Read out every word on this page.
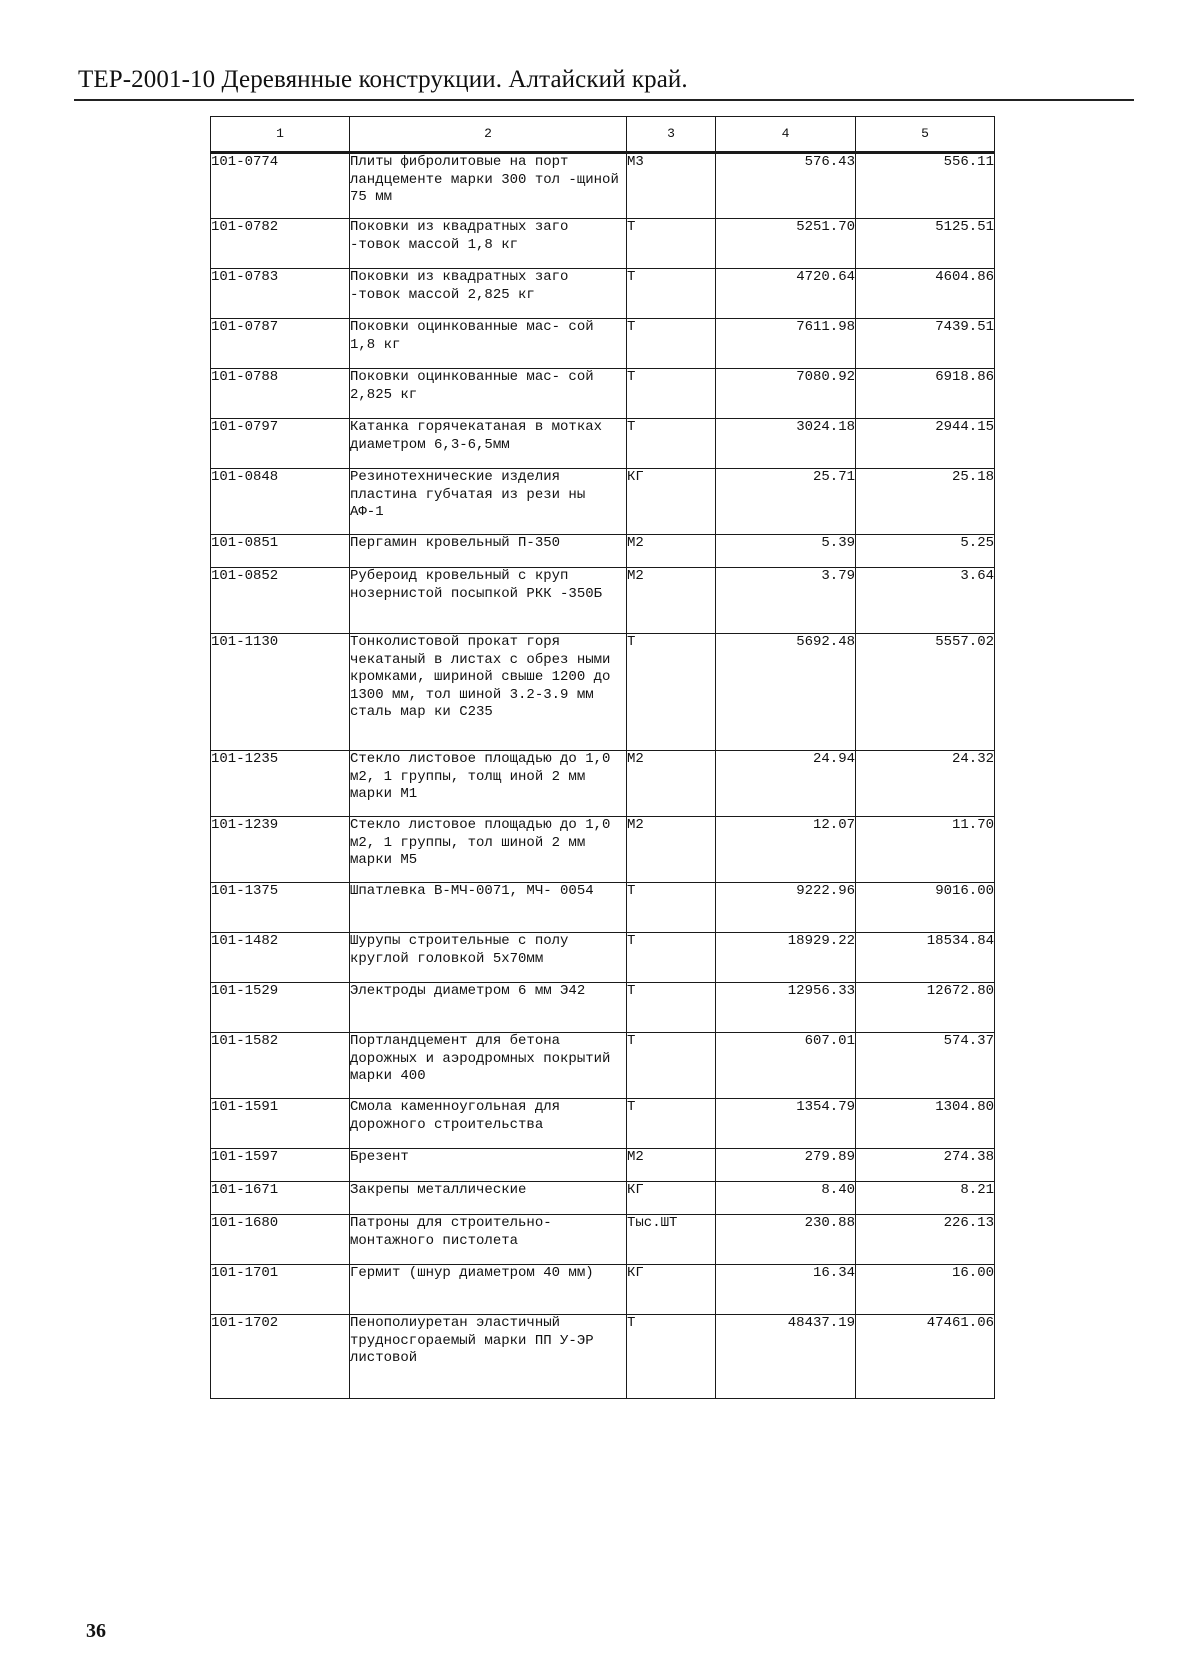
ТЕР-2001-10 Деревянные конструкции. Алтайский край.
1	2	3	4	5
101-0774	Плиты фибролитовые на порт ландцементе марки 300 тол -щиной 75 мм	М3	576.43	556.11
101-0782	Поковки из квадратных заго -товок массой 1,8 кг	Т	5251.70	5125.51
101-0783	Поковки из квадратных заго -товок массой 2,825 кг	Т	4720.64	4604.86
101-0787	Поковки оцинкованные мас- сой 1,8 кг	Т	7611.98	7439.51
101-0788	Поковки оцинкованные мас- сой 2,825 кг	Т	7080.92	6918.86
101-0797	Катанка горячекатаная в мотках диаметром 6,3-6,5мм	Т	3024.18	2944.15
101-0848	Резинотехнические изделия пластина губчатая из рези ны АФ-1	КГ	25.71	25.18
101-0851	Пергамин кровельный П-350	М2	5.39	5.25
101-0852	Рубероид кровельный с круп нозернистой посыпкой РКК -350Б	М2	3.79	3.64
101-1130	Тонколистовой прокат горя чекатаный в листах с обрез ными кромками, шириной свыше 1200 до 1300 мм, тол шиной 3.2-3.9 мм сталь мар ки С235	Т	5692.48	5557.02
101-1235	Стекло листовое площадью до 1,0 м2, 1 группы, толщ иной 2 мм марки М1	М2	24.94	24.32
101-1239	Стекло листовое площадью до 1,0 м2, 1 группы, тол шиной 2 мм марки М5	М2	12.07	11.70
101-1375	Шпатлевка В-МЧ-0071, МЧ- 0054	Т	9222.96	9016.00
101-1482	Шурупы строительные с полу круглой головкой 5х70мм	Т	18929.22	18534.84
101-1529	Электроды диаметром 6 мм Э42	Т	12956.33	12672.80
101-1582	Портландцемент для бетона дорожных и аэродромных покрытий марки 400	Т	607.01	574.37
101-1591	Смола каменноугольная для дорожного строительства	Т	1354.79	1304.80
101-1597	Брезент	М2	279.89	274.38
101-1671	Закрепы металлические	КГ	8.40	8.21
101-1680	Патроны для строительно- монтажного пистолета	Тыс.ШТ	230.88	226.13
101-1701	Гермит (шнур диаметром 40 мм)	КГ	16.34	16.00
101-1702	Пенополиуретан эластичный трудносгораемый марки ПП У-ЭР листовой	Т	48437.19	47461.06
36
